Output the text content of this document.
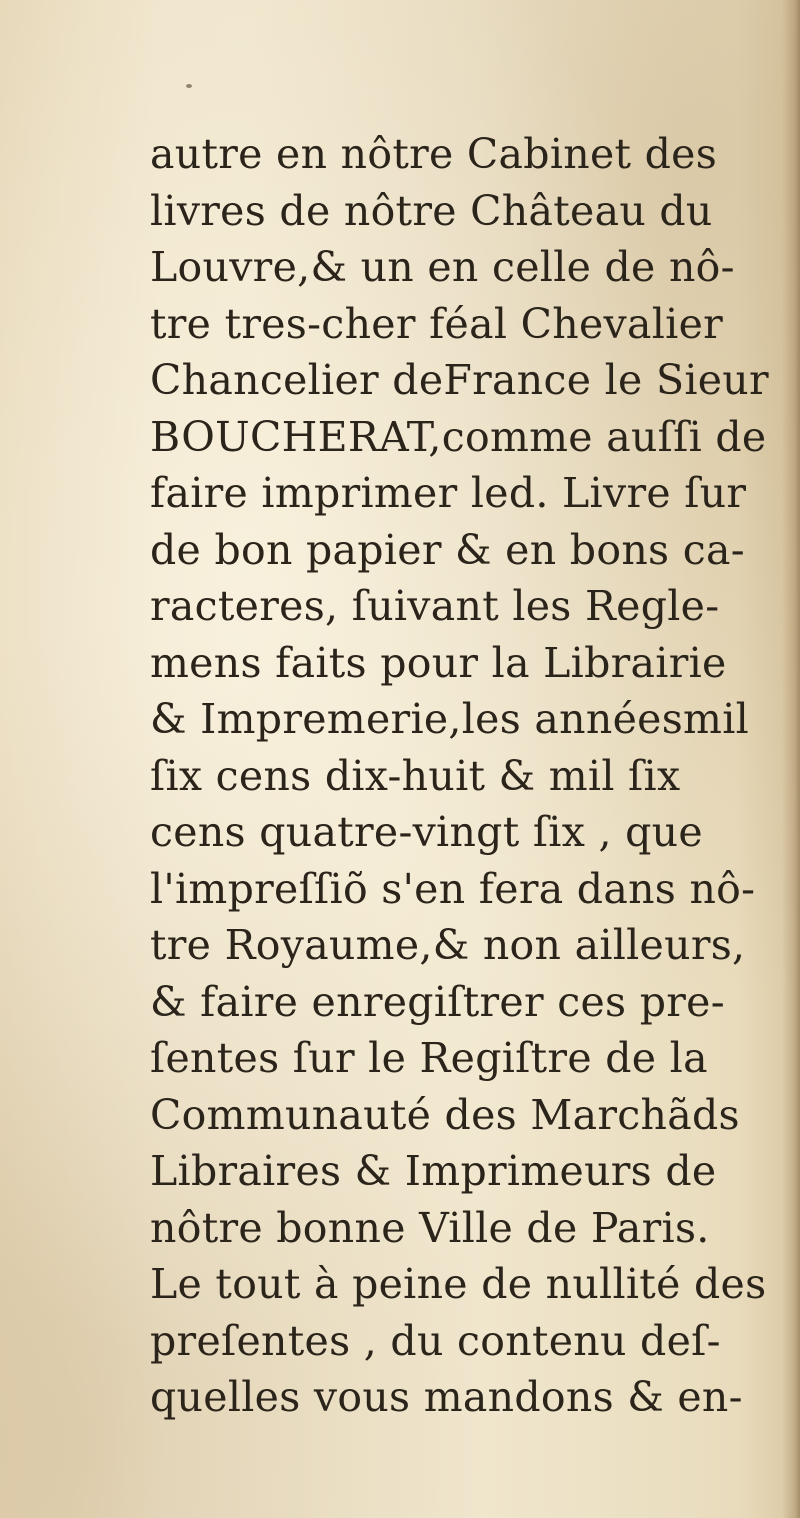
autre en nôtre Cabinet des
livres de nôtre Château du
Louvre,& un en celle de nô-
tre tres-cher féal Chevalier
Chancelier deFrance le Sieur
BOUCHERAT,comme auſſi de
faire imprimer led. Livre ſur
de bon papier & en bons ca-
racteres, ſuivant les Regle-
mens faits pour la Librairie
& Impremerie,les annéesmil
ſix cens dix-huit & mil ſix
cens quatre-vingt ſix , que
l'impreſſiõ s'en fera dans nô-
tre Royaume,& non ailleurs,
& faire enregiſtrer ces pre-
ſentes ſur le Regiſtre de la
Communauté des Marchãds
Libraires & Imprimeurs de
nôtre bonne Ville de Paris.
Le tout à peine de nullité des
preſentes , du contenu deſ-
quelles vous mandons & en-
